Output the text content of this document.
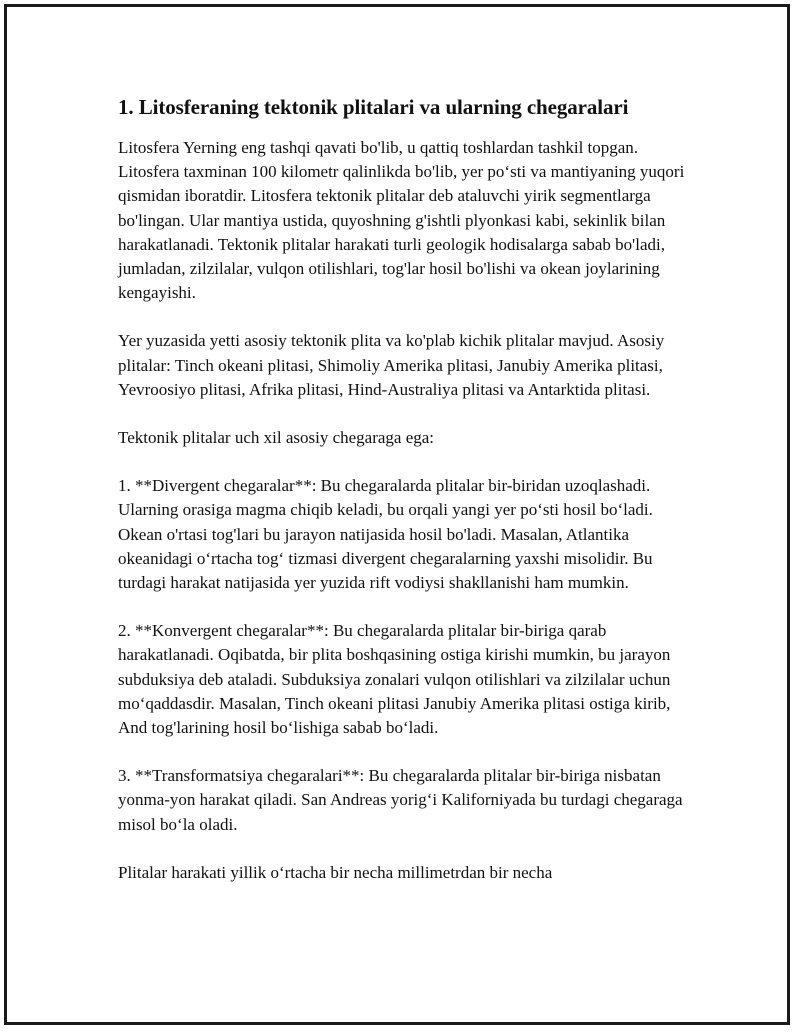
1. Litosferaning tektonik plitalari va ularning chegaralari

Litosfera Yerning eng tashqi qavati bo'lib, u qattiq toshlardan tashkil topgan. Litosfera taxminan 100 kilometr qalinlikda bo'lib, yer po‘sti va mantiyaning yuqori qismidan iboratdir. Litosfera tektonik plitalar deb ataluvchi yirik segmentlarga bo'lingan. Ular mantiya ustida, quyoshning g'ishtli plyonkasi kabi, sekinlik bilan harakatlanadi. Tektonik plitalar harakati turli geologik hodisalarga sabab bo'ladi, jumladan, zilzilalar, vulqon otilishlari, tog'lar hosil bo'lishi va okean joylarining kengayishi.

Yer yuzasida yetti asosiy tektonik plita va ko'plab kichik plitalar mavjud. Asosiy plitalar: Tinch okeani plitasi, Shimoliy Amerika plitasi, Janubiy Amerika plitasi, Yevroosiyo plitasi, Afrika plitasi, Hind-Australiya plitasi va Antarktida plitasi.

Tektonik plitalar uch xil asosiy chegaraga ega:

1. **Divergent chegaralar**: Bu chegaralarda plitalar bir-biridan uzoqlashadi. Ularning orasiga magma chiqib keladi, bu orqali yangi yer po‘sti hosil bo‘ladi. Okean o'rtasi tog'lari bu jarayon natijasida hosil bo'ladi. Masalan, Atlantika okeanidagi o‘rtacha tog‘ tizmasi divergent chegaralarning yaxshi misolidir. Bu turdagi harakat natijasida yer yuzida rift vodiysi shakllanishi ham mumkin.

2. **Konvergent chegaralar**: Bu chegaralarda plitalar bir-biriga qarab harakatlanadi. Oqibatda, bir plita boshqasining ostiga kirishi mumkin, bu jarayon subduksiya deb ataladi. Subduksiya zonalari vulqon otilishlari va zilzilalar uchun mo‘qaddasdir. Masalan, Tinch okeani plitasi Janubiy Amerika plitasi ostiga kirib, And tog'larining hosil bo‘lishiga sabab bo‘ladi.

3. **Transformatsiya chegaralari**: Bu chegaralarda plitalar bir-biriga nisbatan yonma-yon harakat qiladi. San Andreas yorig‘i Kaliforniyada bu turdagi chegaraga misol bo‘la oladi.

Plitalar harakati yillik o‘rtacha bir necha millimetrdan bir necha
